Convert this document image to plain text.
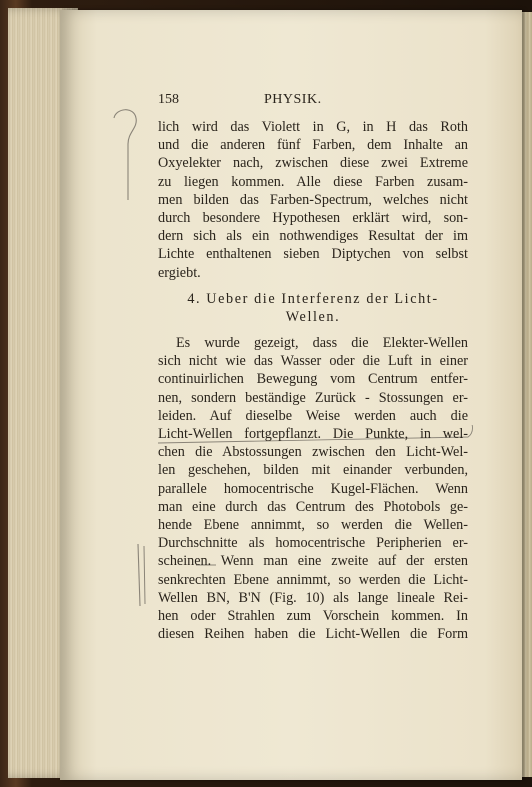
158	PHYSIK.
lich wird das Violett in G, in H das Roth
und die anderen fünf Farben, dem Inhalte an
Oxyelekter nach, zwischen diese zwei Extreme
zu liegen kommen. Alle diese Farben zusam-
men bilden das Farben-Spectrum, welches nicht
durch besondere Hypothesen erklärt wird, son-
dern sich als ein nothwendiges Resultat der im
Lichte enthaltenen sieben Diptychen von selbst
ergiebt.
4. Ueber die Interferenz der Licht-
Wellen.
Es wurde gezeigt, dass die Elekter-Wellen
sich nicht wie das Wasser oder die Luft in einer
continuirlichen Bewegung vom Centrum entfer-
nen, sondern beständige Zurück - Stossungen er-
leiden. Auf dieselbe Weise werden auch die
Licht-Wellen fortgepflanzt. Die Punkte, in wel-
chen die Abstossungen zwischen den Licht-Wel-
len geschehen, bilden mit einander verbunden,
parallele homocentrische Kugel-Flächen. Wenn
man eine durch das Centrum des Photobols ge-
hende Ebene annimmt, so werden die Wellen-
Durchschnitte als homocentrische Peripherien er-
scheinen. Wenn man eine zweite auf der ersten
senkrechten Ebene annimmt, so werden die Licht-
Wellen BN, B'N (Fig. 10) als lange lineale Rei-
hen oder Strahlen zum Vorschein kommen. In
diesen Reihen haben die Licht-Wellen die Form
